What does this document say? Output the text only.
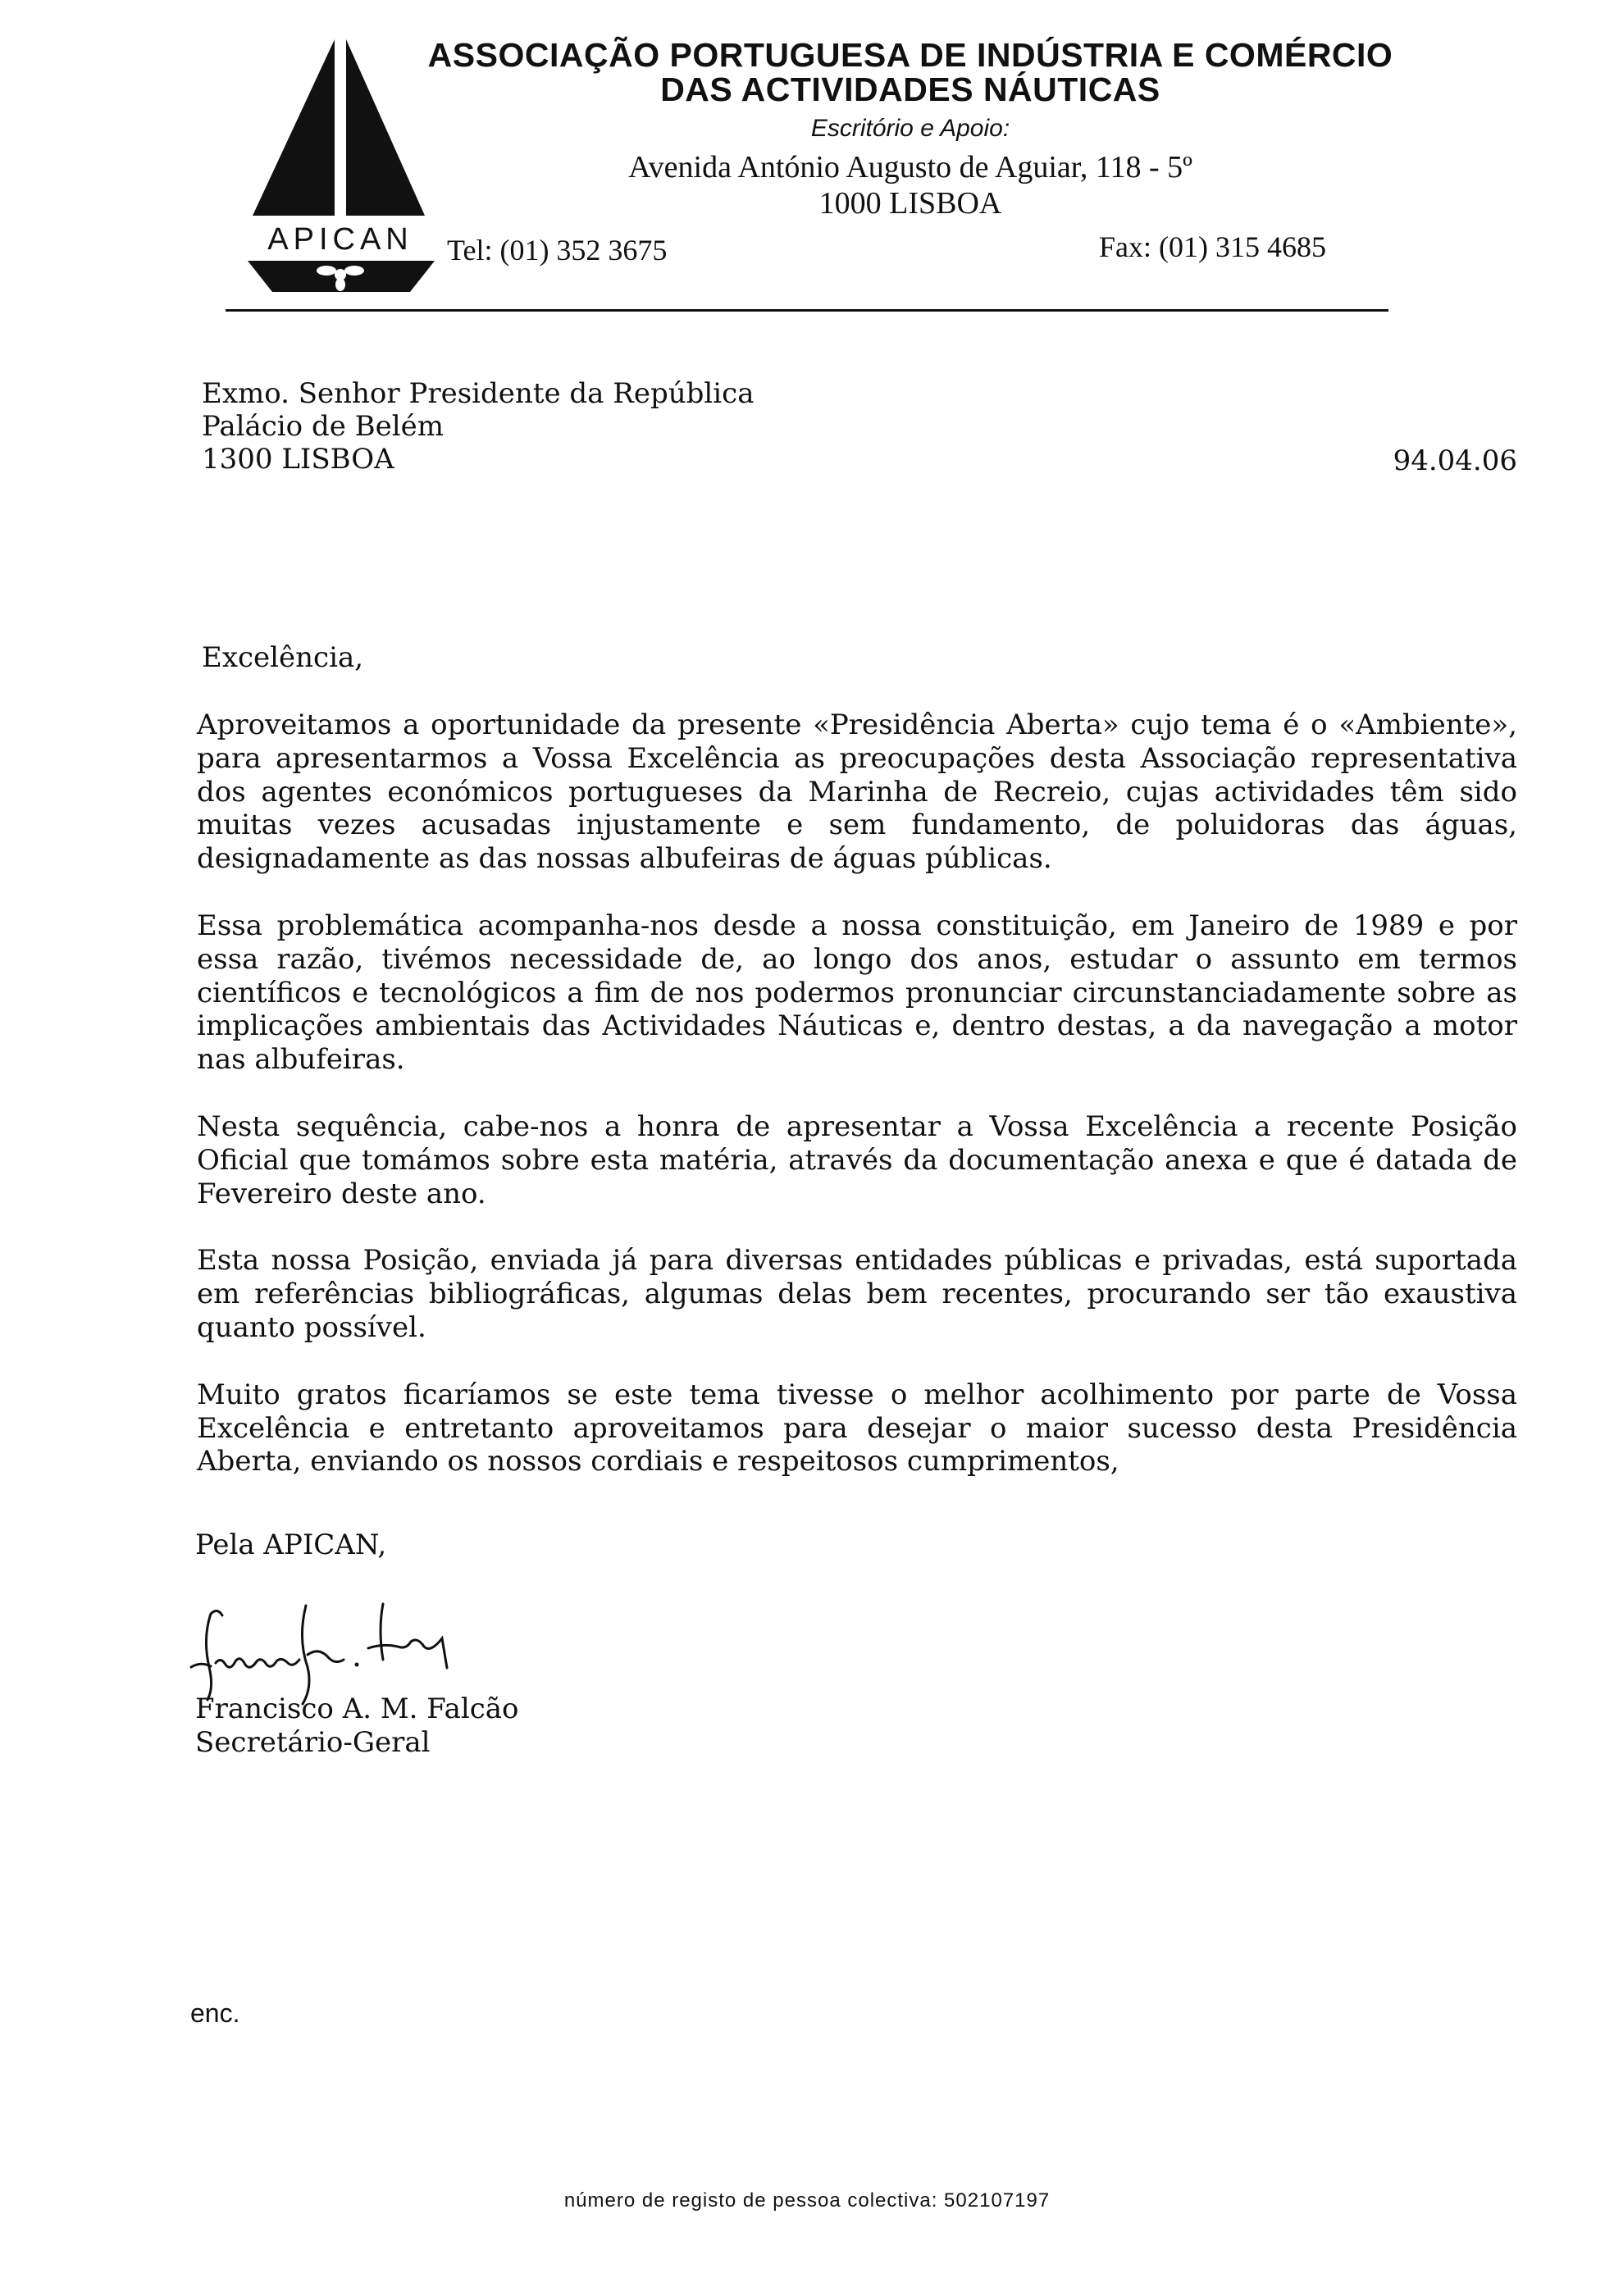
APICAN
ASSOCIAÇÃO PORTUGUESA DE INDÚSTRIA E COMÉRCIO
DAS ACTIVIDADES NÁUTICAS
Escritório e Apoio:
Avenida António Augusto de Aguiar, 118 - 5º
1000 LISBOA
Tel: (01) 352 3675	Fax: (01) 315 4685
Exmo. Senhor Presidente da República
Palácio de Belém
1300 LISBOA	94.04.06
Excelência,

Aproveitamos a oportunidade da presente «Presidência Aberta» cujo tema é o «Ambiente», para apresentarmos a Vossa Excelência as preocupações desta Associação representativa dos agentes económicos portugueses da Marinha de Recreio, cujas actividades têm sido muitas vezes acusadas injustamente e sem fundamento, de poluidoras das águas, designadamente as das nossas albufeiras de águas públicas.

Essa problemática acompanha-nos desde a nossa constituição, em Janeiro de 1989 e por essa razão, tivémos necessidade de, ao longo dos anos, estudar o assunto em termos científicos e tecnológicos a fim de nos podermos pronunciar circunstanciadamente sobre as implicações ambientais das Actividades Náuticas e, dentro destas, a da navegação a motor nas albufeiras.

Nesta sequência, cabe-nos a honra de apresentar a Vossa Excelência a recente Posição Oficial que tomámos sobre esta matéria, através da documentação anexa e que é datada de Fevereiro deste ano.

Esta nossa Posição, enviada já para diversas entidades públicas e privadas, está suportada em referências bibliográficas, algumas delas bem recentes, procurando ser tão exaustiva quanto possível.

Muito gratos ficaríamos se este tema tivesse o melhor acolhimento por parte de Vossa Excelência e entretanto aproveitamos para desejar o maior sucesso desta Presidência Aberta, enviando os nossos cordiais e respeitosos cumprimentos,

Pela APICAN,
Francisco A. M. Falcão
Secretário-Geral
enc.
número de registo de pessoa colectiva: 502107197
